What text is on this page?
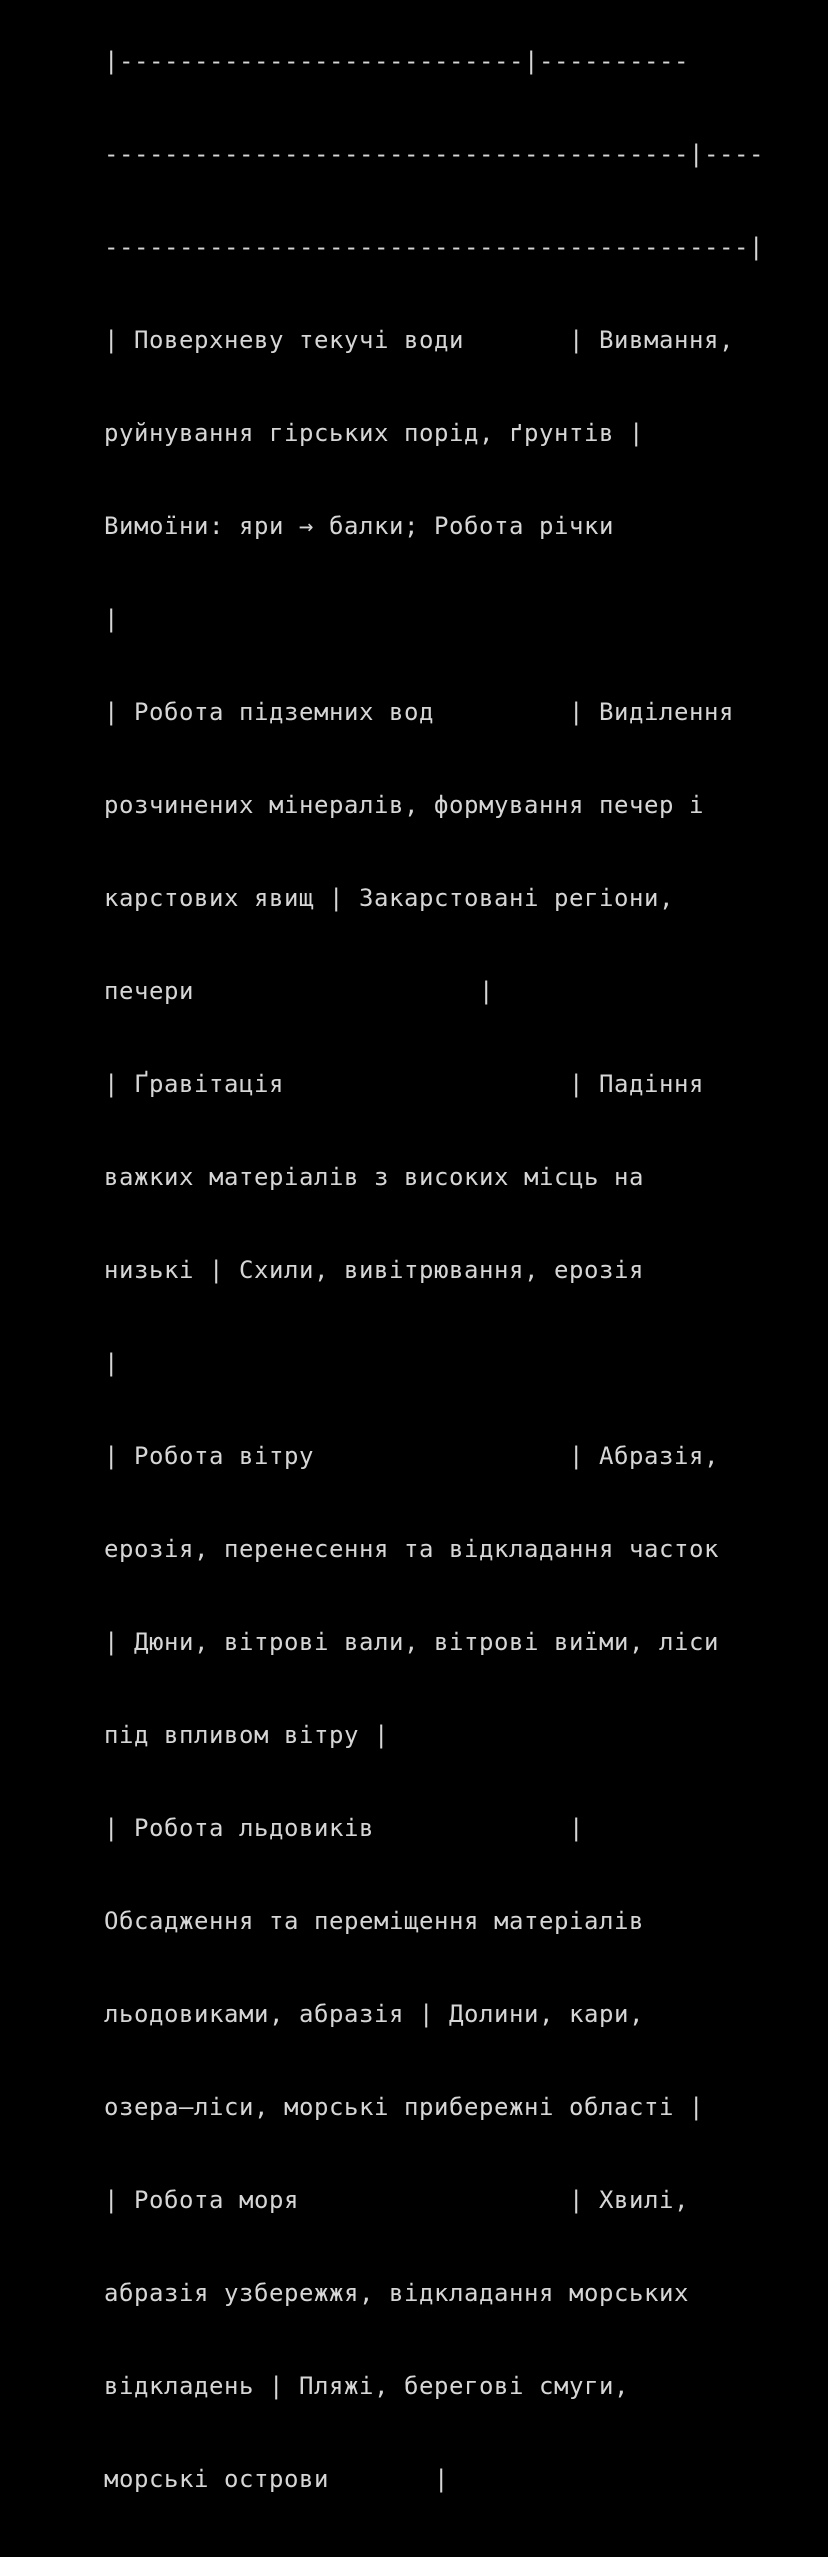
|---------------------------|----------

---------------------------------------|----

-------------------------------------------|

| Поверхневу текучі води       | Вивмання,

руйнування гірських порід, ґрунтів |

Вимоїни: яри → балки; Робота річки

|

| Робота підземних вод         | Виділення

розчинених мінералів, формування печер і

карстових явищ | Закарстовані регіони,

печери                   |

| Ґравітація                   | Падіння

важких матеріалів з високих місць на

низькі | Схили, вивітрювання, ерозія

|

| Робота вітру                 | Абразія,

ерозія, перенесення та відкладання часток

| Дюни, вітрові вали, вітрові виїми, ліси

під впливом вітру |

| Робота льдовиків             |

Обсадження та переміщення матеріалів

льодовиками, абразія | Долини, кари,

озера—ліси, морські прибережні області |

| Робота моря                  | Хвилі,

абразія узбережжя, відкладання морських

відкладень | Пляжі, берегові смуги,

морські острови       |
